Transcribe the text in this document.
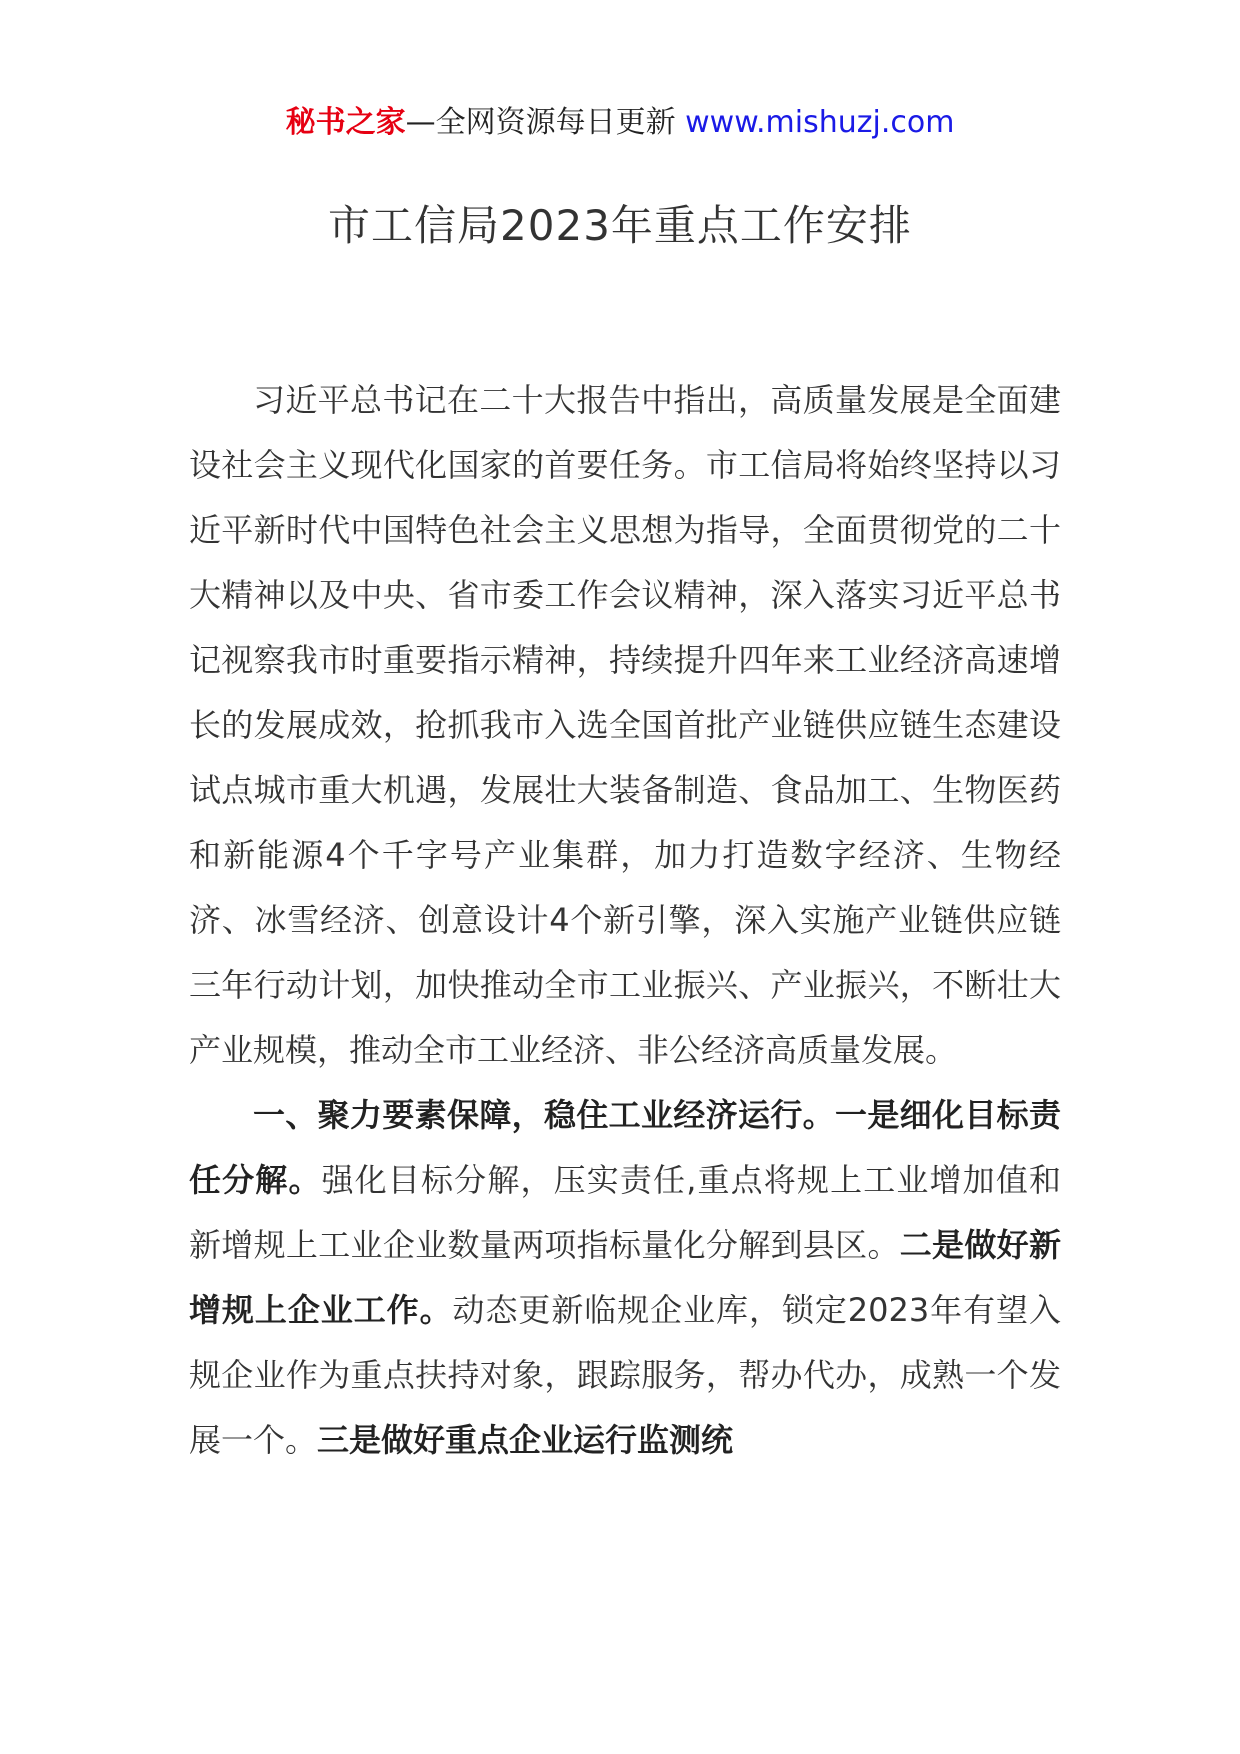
秘书之家—全网资源每日更新 www.mishuzj.com
市工信局2023年重点工作安排

习近平总书记在二十大报告中指出，高质量发展是全面建设社会主义现代化国家的首要任务。市工信局将始终坚持以习近平新时代中国特色社会主义思想为指导，全面贯彻党的二十大精神以及中央、省市委工作会议精神，深入落实习近平总书记视察我市时重要指示精神，持续提升四年来工业经济高速增长的发展成效，抢抓我市入选全国首批产业链供应链生态建设试点城市重大机遇，发展壮大装备制造、食品加工、生物医药和新能源4个千字号产业集群，加力打造数字经济、生物经济、冰雪经济、创意设计4个新引擎，深入实施产业链供应链三年行动计划，加快推动全市工业振兴、产业振兴，不断壮大产业规模，推动全市工业经济、非公经济高质量发展。

一、聚力要素保障，稳住工业经济运行。一是细化目标责任分解。强化目标分解，压实责任,重点将规上工业增加值和新增规上工业企业数量两项指标量化分解到县区。二是做好新增规上企业工作。动态更新临规企业库，锁定2023年有望入规企业作为重点扶持对象，跟踪服务，帮办代办，成熟一个发展一个。三是做好重点企业运行监测统
